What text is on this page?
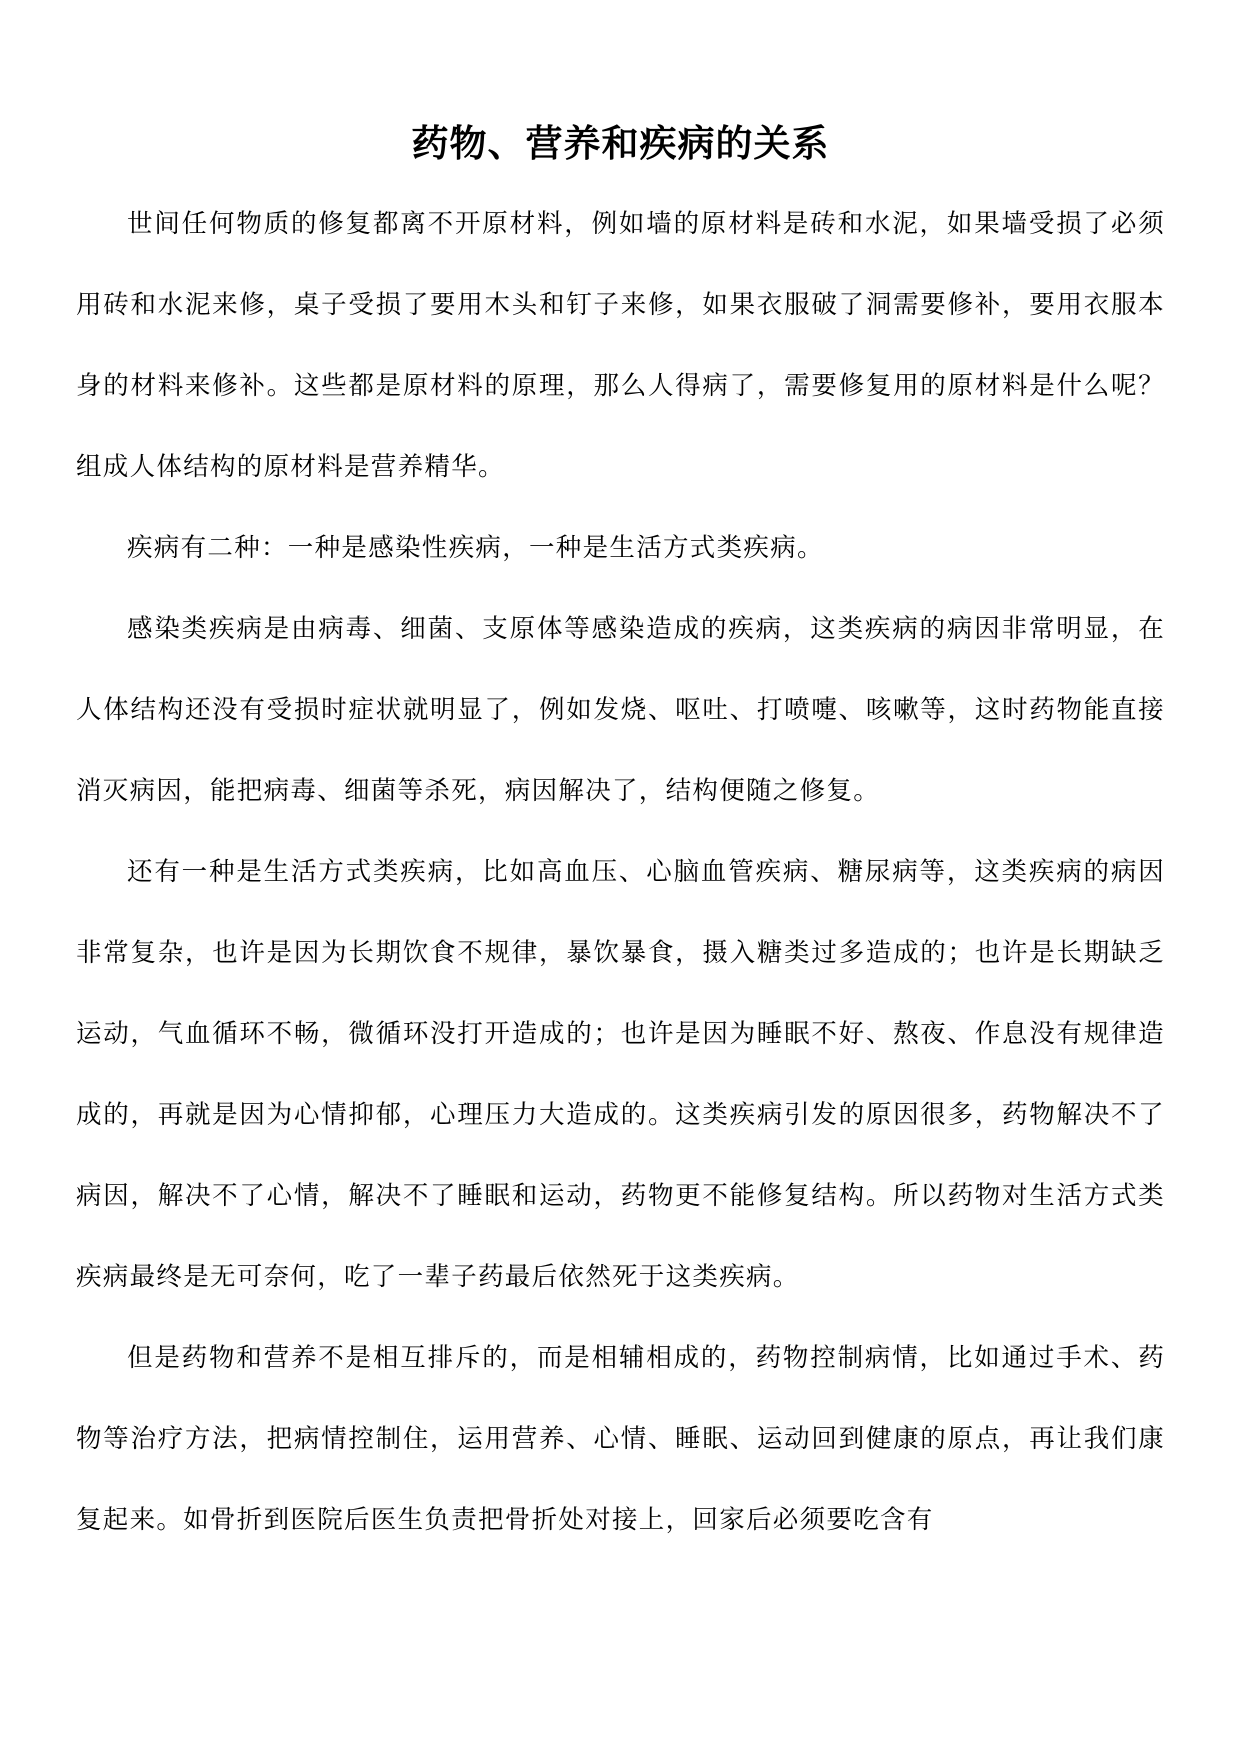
药物、营养和疾病的关系

世间任何物质的修复都离不开原材料，例如墙的原材料是砖和水泥，如果墙受损了必须用砖和水泥来修，桌子受损了要用木头和钉子来修，如果衣服破了洞需要修补，要用衣服本身的材料来修补。这些都是原材料的原理，那么人得病了，需要修复用的原材料是什么呢？组成人体结构的原材料是营养精华。

疾病有二种：一种是感染性疾病，一种是生活方式类疾病。

感染类疾病是由病毒、细菌、支原体等感染造成的疾病，这类疾病的病因非常明显，在人体结构还没有受损时症状就明显了，例如发烧、呕吐、打喷嚏、咳嗽等，这时药物能直接消灭病因，能把病毒、细菌等杀死，病因解决了，结构便随之修复。

还有一种是生活方式类疾病，比如高血压、心脑血管疾病、糖尿病等，这类疾病的病因非常复杂，也许是因为长期饮食不规律，暴饮暴食，摄入糖类过多造成的；也许是长期缺乏运动，气血循环不畅，微循环没打开造成的；也许是因为睡眠不好、熬夜、作息没有规律造成的，再就是因为心情抑郁，心理压力大造成的。这类疾病引发的原因很多，药物解决不了病因，解决不了心情，解决不了睡眠和运动，药物更不能修复结构。所以药物对生活方式类疾病最终是无可奈何，吃了一辈子药最后依然死于这类疾病。

但是药物和营养不是相互排斥的，而是相辅相成的，药物控制病情，比如通过手术、药物等治疗方法，把病情控制住，运用营养、心情、睡眠、运动回到健康的原点，再让我们康复起来。如骨折到医院后医生负责把骨折处对接上，回家后必须要吃含有
